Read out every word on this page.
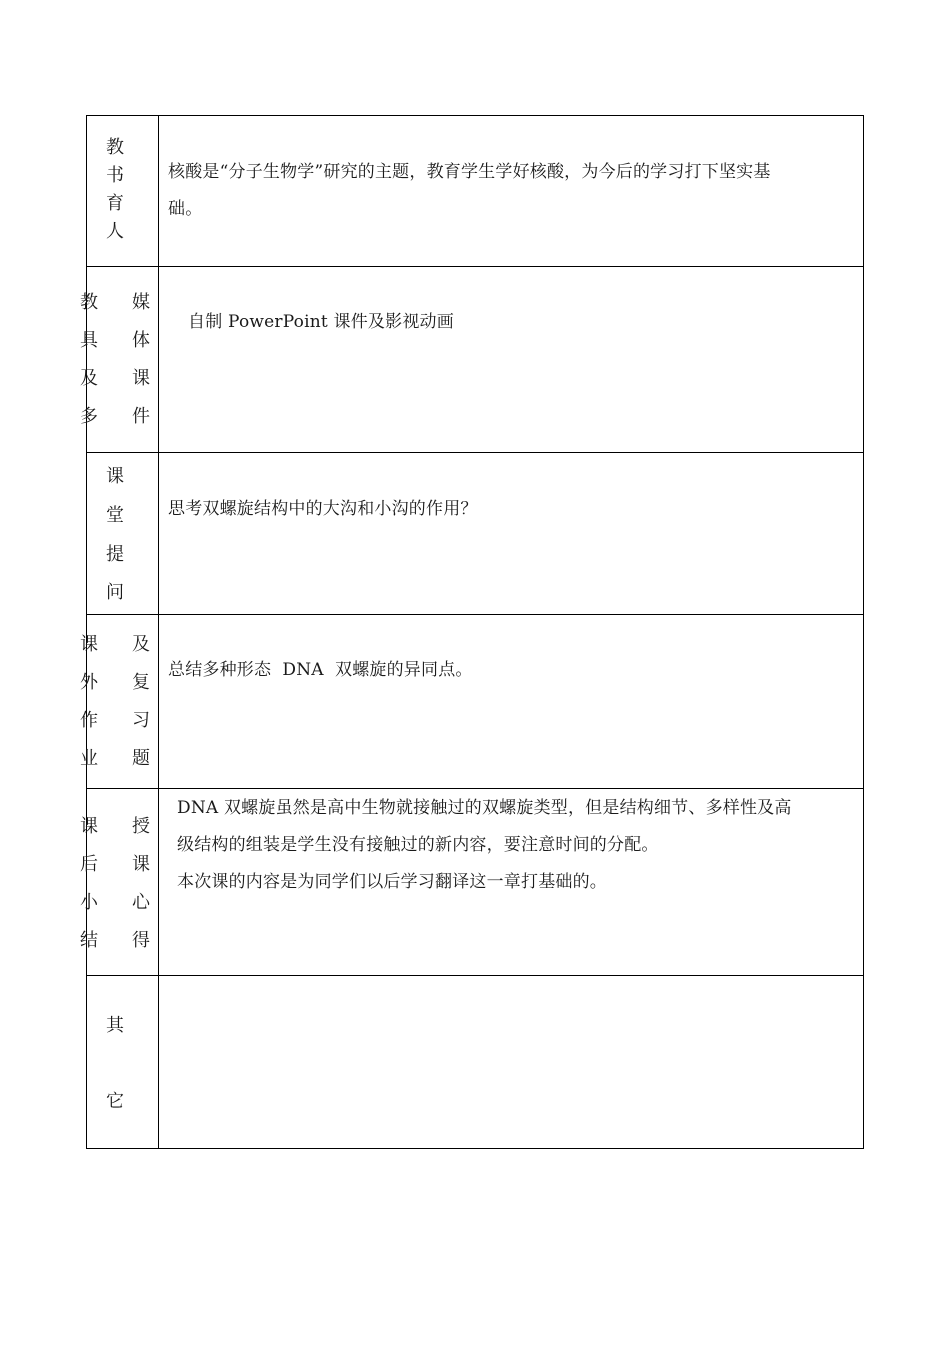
教
书
育
人
核酸是“分子生物学”研究的主题，教育学生学好核酸，为今后的学习打下坚实基
础。
教
具
及
多
媒
体
课
件
自制 PowerPoint 课件及影视动画
课
堂
提
问
思考双螺旋结构中的大沟和小沟的作用？
课
外
作
业
及
复
习
题
总结多种形态  DNA  双螺旋的异同点。
课
后
小
结
授
课
心
得
DNA 双螺旋虽然是高中生物就接触过的双螺旋类型，但是结构细节、多样性及高
级结构的组装是学生没有接触过的新内容，要注意时间的分配。
本次课的内容是为同学们以后学习翻译这一章打基础的。
其
它
